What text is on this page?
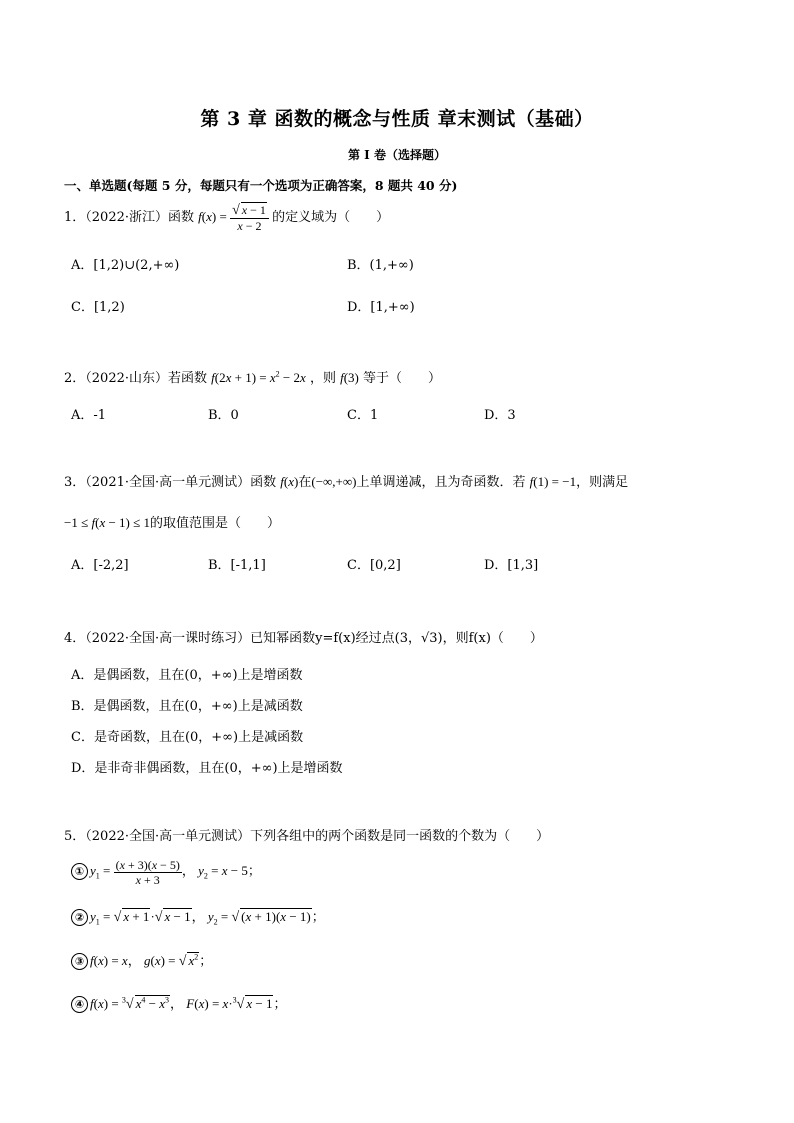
第 3 章 函数的概念与性质 章末测试（基础）
第 I 卷（选择题）
一、单选题(每题 5 分，每题只有一个选项为正确答案，8 题共 40 分)
1．（2022·浙江）函数 $f(x) = \frac{√ x - 1}{x - 2}$ 的定义域为（　　）
A．[1,2)∪(2,+∞)	B．(1,+∞)
C．[1,2)	D．[1,+∞)
2．（2022·山东）若函数 $f(2x + 1) = x^2 - 2x$ ，则 f(3) 等于（　　）
A．-1	B．0	C．1	D．3
3．（2021·全国·高一单元测试）函数 f(x)在(−∞,+∞)上单调递减，且为奇函数．若 f(1) = −1，则满足
−1 ≤ f(x − 1) ≤ 1的取值范围是（　　）
A．[-2,2]	B．[-1,1]	C．[0,2]	D．[1,3]
4．（2022·全国·高一课时练习）已知幂函数y=f(x)经过点(3，√3)，则f(x)（　　）
A．是偶函数，且在(0，+∞)上是增函数
B．是偶函数，且在(0，+∞)上是减函数
C．是奇函数，且在(0，+∞)上是减函数
D．是非奇非偶函数，且在(0，+∞)上是增函数
5．（2022·全国·高一单元测试）下列各组中的两个函数是同一函数的个数为（　　）
① $y_1 = \frac{(x + 3)(x - 5)}{x + 3}$ ， $y_2 = x - 5$；
② $y_1$ = √ x + 1·√ x − 1， $y_2$ = √ (x + 1)(x − 1)；
③ f(x) = x， g(x) = √ $x^2$；
④ f(x) = $^3$√ $x^4 - x^3$， F(x) = x·$^3$√ x − 1；
